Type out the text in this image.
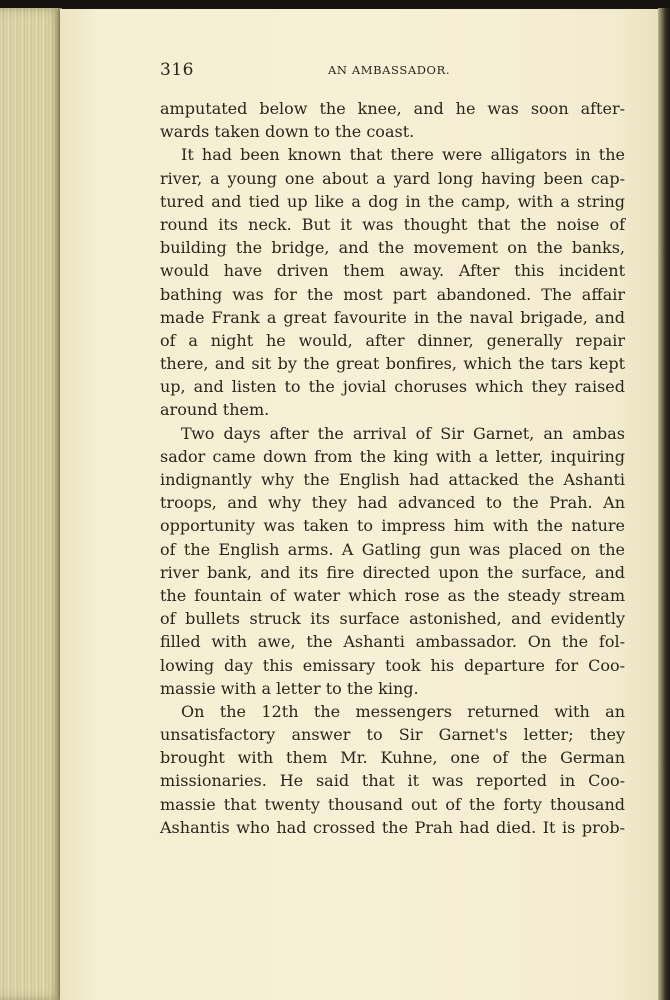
316	AN AMBASSADOR.
amputated below the knee, and he was soon after-
wards taken down to the coast.
It had been known that there were alligators in the
river, a young one about a yard long having been cap-
tured and tied up like a dog in the camp, with a string
round its neck. But it was thought that the noise of
building the bridge, and the movement on the banks,
would have driven them away. After this incident
bathing was for the most part abandoned. The affair
made Frank a great favourite in the naval brigade, and
of a night he would, after dinner, generally repair
there, and sit by the great bonfires, which the tars kept
up, and listen to the jovial choruses which they raised
around them.
Two days after the arrival of Sir Garnet, an ambas
sador came down from the king with a letter, inquiring
indignantly why the English had attacked the Ashanti
troops, and why they had advanced to the Prah. An
opportunity was taken to impress him with the nature
of the English arms. A Gatling gun was placed on the
river bank, and its fire directed upon the surface, and
the fountain of water which rose as the steady stream
of bullets struck its surface astonished, and evidently
filled with awe, the Ashanti ambassador. On the fol-
lowing day this emissary took his departure for Coo-
massie with a letter to the king.
On the 12th the messengers returned with an
unsatisfactory answer to Sir Garnet's letter; they
brought with them Mr. Kuhne, one of the German
missionaries. He said that it was reported in Coo-
massie that twenty thousand out of the forty thousand
Ashantis who had crossed the Prah had died. It is prob-
